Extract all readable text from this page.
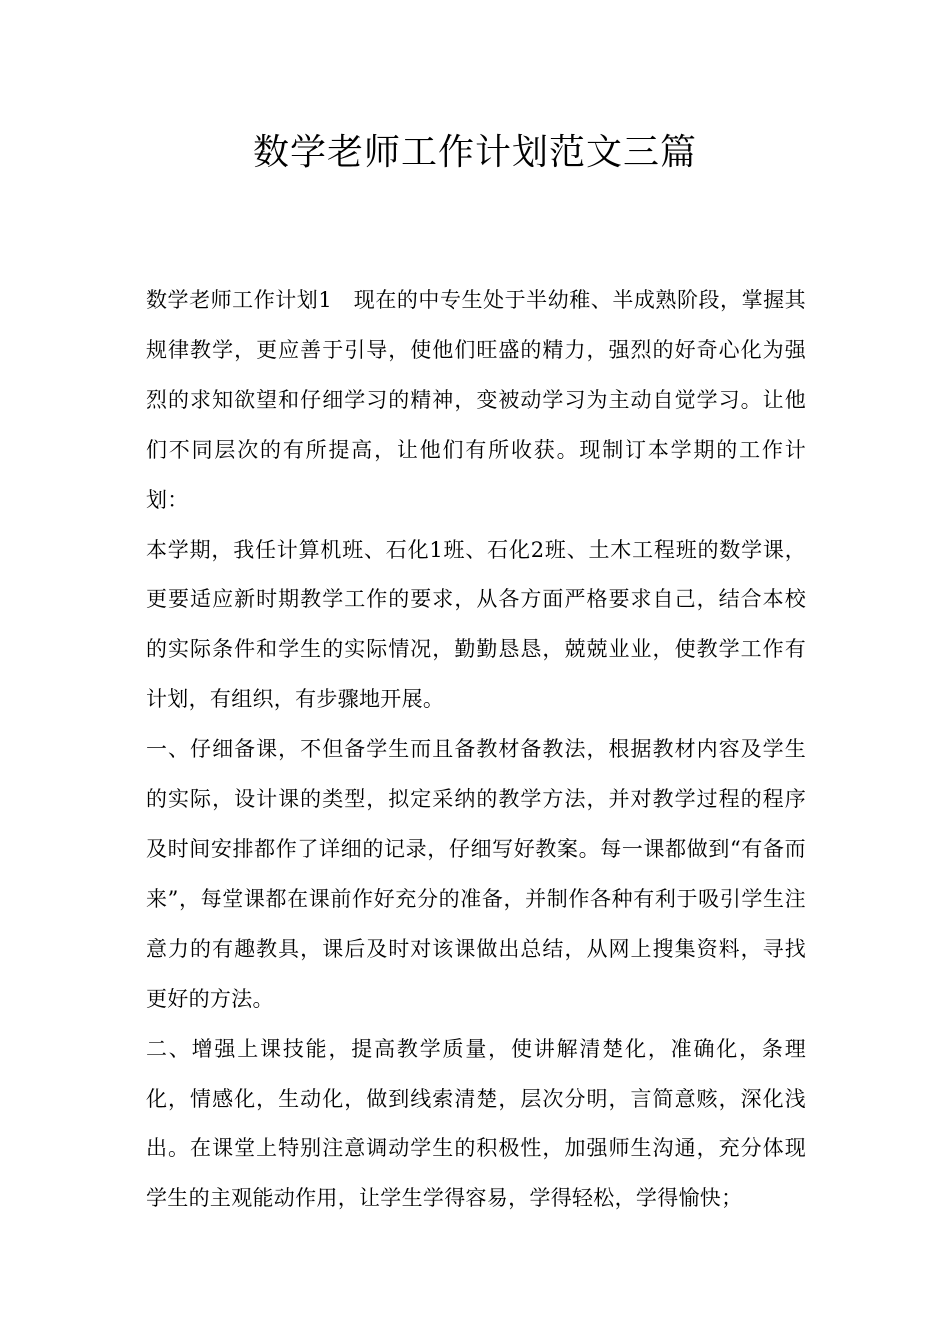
数学老师工作计划范文三篇

数学老师工作计划1　现在的中专生处于半幼稚、半成熟阶段，掌握其规律教学，更应善于引导，使他们旺盛的精力，强烈的好奇心化为强烈的求知欲望和仔细学习的精神，变被动学习为主动自觉学习。让他们不同层次的有所提高，让他们有所收获。现制订本学期的工作计划：

本学期，我任计算机班、石化1班、石化2班、土木工程班的数学课，更要适应新时期教学工作的要求，从各方面严格要求自己，结合本校的实际条件和学生的实际情况，勤勤恳恳，兢兢业业，使教学工作有计划，有组织，有步骤地开展。

一、仔细备课，不但备学生而且备教材备教法，根据教材内容及学生的实际，设计课的类型，拟定采纳的教学方法，并对教学过程的程序及时间安排都作了详细的记录，仔细写好教案。每一课都做到“有备而来”，每堂课都在课前作好充分的准备，并制作各种有利于吸引学生注意力的有趣教具，课后及时对该课做出总结，从网上搜集资料，寻找更好的方法。

二、增强上课技能，提高教学质量，使讲解清楚化，准确化，条理化，情感化，生动化，做到线索清楚，层次分明，言简意赅，深化浅出。在课堂上特别注意调动学生的积极性，加强师生沟通，充分体现学生的主观能动作用，让学生学得容易，学得轻松，学得愉快；
